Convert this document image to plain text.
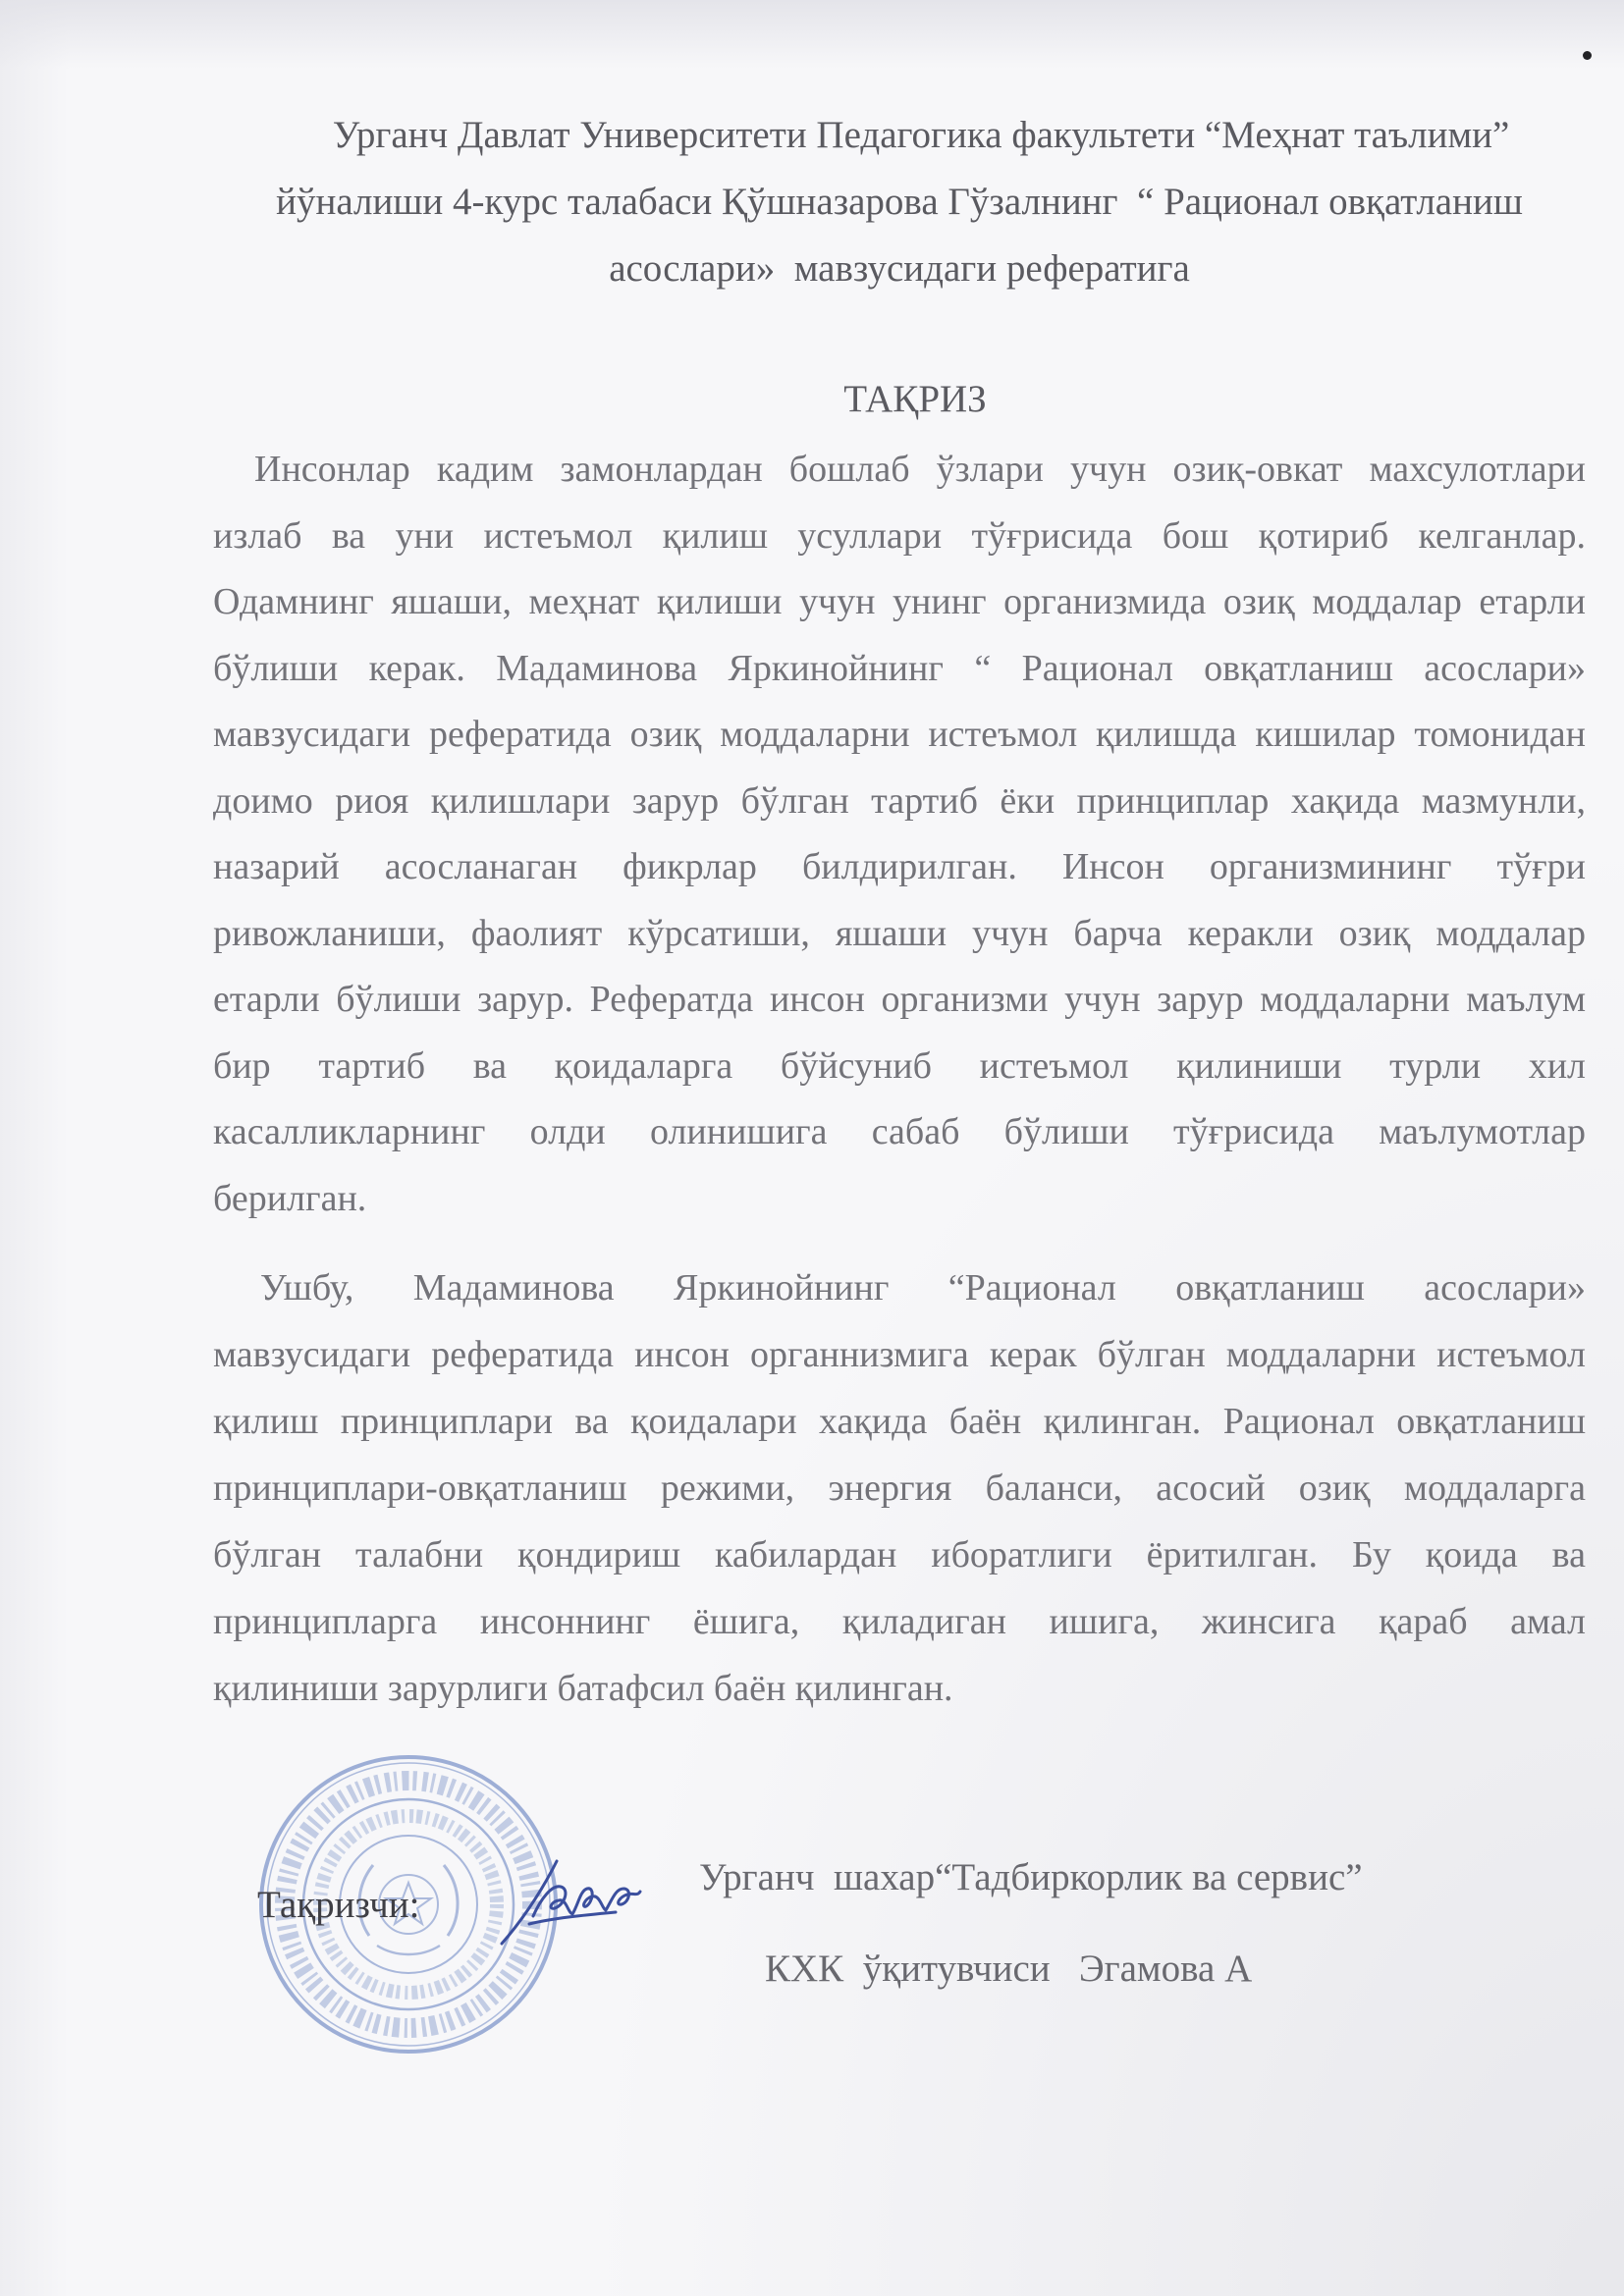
Урганч Давлат Университети Педагогика факультети “Меҳнат таълими”
йўналиши 4-курс талабаси Қўшназарова Гўзалнинг  “ Рационал овқатланиш
асослари»  мавзусидаги рефератига
ТАҚРИЗ
Инсонлар кадим замонлардан бошлаб ўзлари учун озиқ-овкат махсулотлари
излаб ва уни истеъмол қилиш усуллари тўғрисида бош қотириб келганлар.
Одамнинг яшаши, меҳнат қилиши учун унинг организмида озиқ моддалар етарли
бўлиши керак. Мадаминова Яркинойнинг “ Рационал овқатланиш асослари»
мавзусидаги рефератида озиқ моддаларни истеъмол қилишда кишилар томонидан
доимо риоя қилишлари зарур бўлган тартиб ёки принциплар хақида мазмунли,
назарий асосланаган фикрлар билдирилган. Инсон организмининг тўғри
ривожланиши, фаолият кўрсатиши, яшаши учун барча керакли озиқ моддалар
етарли бўлиши зарур. Рефератда инсон организми учун зарур моддаларни маълум
бир тартиб ва қоидаларга бўйсуниб истеъмол қилиниши турли хил
касалликларнинг олди олинишига сабаб бўлиши тўғрисида маълумотлар
берилган.
Ушбу, Мадаминова Яркинойнинг “Рационал овқатланиш асослари»
мавзусидаги рефератида инсон органнизмига керак бўлган моддаларни истеъмол
қилиш принциплари ва қоидалари хақида баён қилинган. Рационал овқатланиш
принциплари-овқатланиш режими, энергия баланси, асосий озиқ моддаларга
бўлган талабни қондириш кабилардан иборатлиги ёритилган. Бу қоида ва
принципларга инсоннинг ёшига, қиладиган ишига, жинсига қараб амал
қилиниши зарурлиги батафсил баён қилинган.
Тақризчи:
Урганч  шахар“Тадбиркорлик ва сервис”
КХК  ўқитувчиси   Эгамова А
